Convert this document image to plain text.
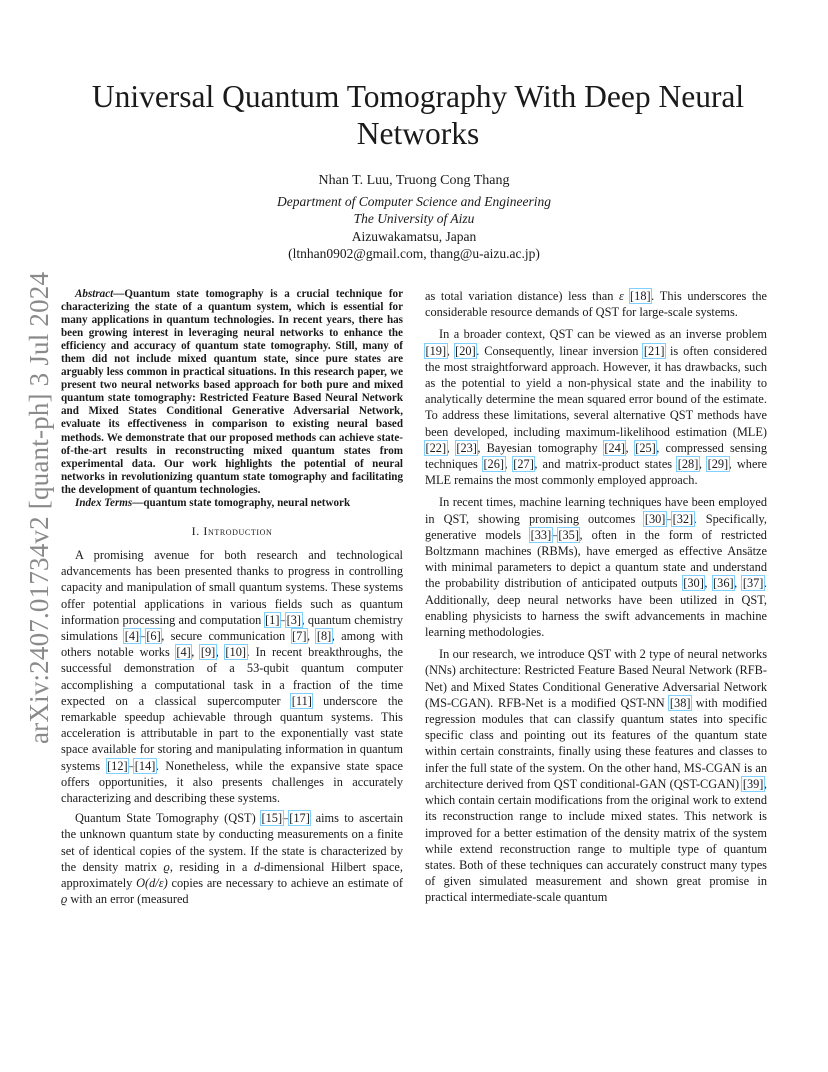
arXiv:2407.01734v2 [quant-ph] 3 Jul 2024
Universal Quantum Tomography With Deep Neural
Networks
Nhan T. Luu, Truong Cong Thang
Department of Computer Science and Engineering
The University of Aizu
Aizuwakamatsu, Japan
(ltnhan0902@gmail.com, thang@u-aizu.ac.jp)

Abstract—Quantum state tomography is a crucial technique for characterizing the state of a quantum system, which is essential for many applications in quantum technologies. In recent years, there has been growing interest in leveraging neural networks to enhance the efficiency and accuracy of quantum state tomography. Still, many of them did not include mixed quantum state, since pure states are arguably less common in practical situations. In this research paper, we present two neural networks based approach for both pure and mixed quantum state tomography: Restricted Feature Based Neural Network and Mixed States Conditional Generative Adversarial Network, evaluate its effectiveness in comparison to existing neural based methods. We demonstrate that our proposed methods can achieve state-of-the-art results in reconstructing mixed quantum states from experimental data. Our work highlights the potential of neural networks in revolutionizing quantum state tomography and facilitating the development of quantum technologies.

Index Terms—quantum state tomography, neural network

I. Introduction

A promising avenue for both research and technological advancements has been presented thanks to progress in controlling capacity and manipulation of small quantum systems. These systems offer potential applications in various fields such as quantum information processing and computation [1]–[3], quantum chemistry simulations [4]–[6], secure communication [7], [8], among with others notable works [4], [9], [10]. In recent breakthroughs, the successful demonstration of a 53-qubit quantum computer accomplishing a computational task in a fraction of the time expected on a classical supercomputer [11] underscore the remarkable speedup achievable through quantum systems. This acceleration is attributable in part to the exponentially vast state space available for storing and manipulating information in quantum systems [12]–[14]. Nonetheless, while the expansive state space offers opportunities, it also presents challenges in accurately characterizing and describing these systems.

Quantum State Tomography (QST) [15]–[17] aims to ascertain the unknown quantum state by conducting measurements on a finite set of identical copies of the system. If the state is characterized by the density matrix ϱ, residing in a d-dimensional Hilbert space, approximately O(d/ε) copies are necessary to achieve an estimate of ϱ with an error (measured

as total variation distance) less than ε [18]. This underscores the considerable resource demands of QST for large-scale systems.

In a broader context, QST can be viewed as an inverse problem [19], [20]. Consequently, linear inversion [21] is often considered the most straightforward approach. However, it has drawbacks, such as the potential to yield a non-physical state and the inability to analytically determine the mean squared error bound of the estimate. To address these limitations, several alternative QST methods have been developed, including maximum-likelihood estimation (MLE) [22], [23], Bayesian tomography [24], [25], compressed sensing techniques [26], [27], and matrix-product states [28], [29], where MLE remains the most commonly employed approach.

In recent times, machine learning techniques have been employed in QST, showing promising outcomes [30]–[32]. Specifically, generative models [33]–[35], often in the form of restricted Boltzmann machines (RBMs), have emerged as effective Ansätze with minimal parameters to depict a quantum state and understand the probability distribution of anticipated outputs [30], [36], [37]. Additionally, deep neural networks have been utilized in QST, enabling physicists to harness the swift advancements in machine learning methodologies.

In our research, we introduce QST with 2 type of neural networks (NNs) architecture: Restricted Feature Based Neural Network (RFB-Net) and Mixed States Conditional Generative Adversarial Network (MS-CGAN). RFB-Net is a modified QST-NN [38] with modified regression modules that can classify quantum states into specific specific class and pointing out its features of the quantum state within certain constraints, finally using these features and classes to infer the full state of the system. On the other hand, MS-CGAN is an architecture derived from QST conditional-GAN (QST-CGAN) [39], which contain certain modifications from the original work to extend its reconstruction range to include mixed states. This network is improved for a better estimation of the density matrix of the system while extend reconstruction range to multiple type of quantum states. Both of these techniques can accurately construct many types of given simulated measurement and shown great promise in practical intermediate-scale quantum
